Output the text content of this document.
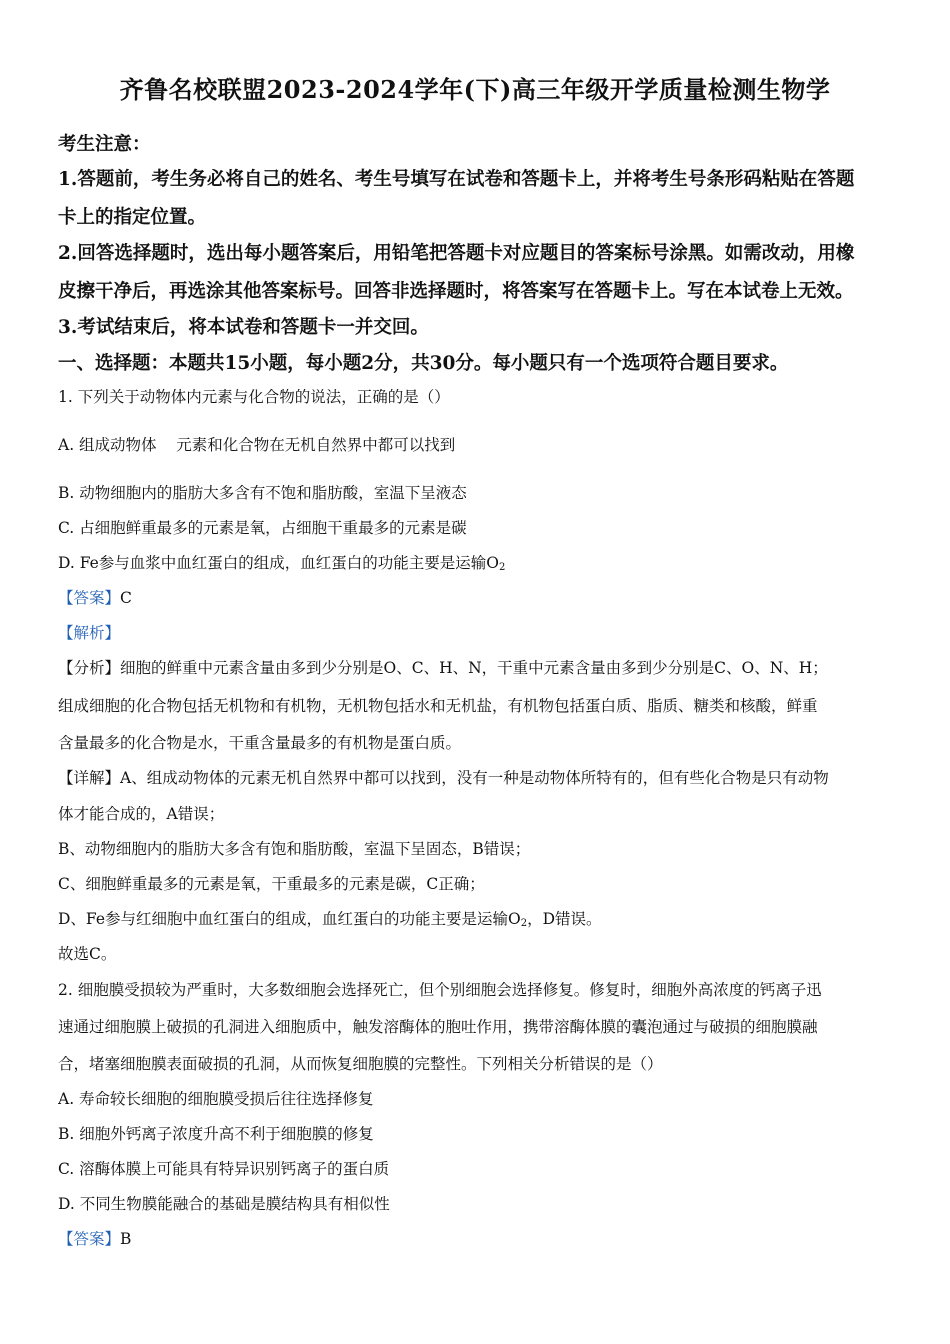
齐鲁名校联盟2023-2024学年(下)高三年级开学质量检测生物学
考生注意：
1.答题前，考生务必将自己的姓名、考生号填写在试卷和答题卡上，并将考生号条形码粘贴在答题
卡上的指定位置。
2.回答选择题时，选出每小题答案后，用铅笔把答题卡对应题目的答案标号涂黑。如需改动，用橡
皮擦干净后，再选涂其他答案标号。回答非选择题时，将答案写在答题卡上。写在本试卷上无效。
3.考试结束后，将本试卷和答题卡一并交回。
一、选择题：本题共15小题，每小题2分，共30分。每小题只有一个选项符合题目要求。
1. 下列关于动物体内元素与化合物的说法，正确的是（）
A. 组成动物体    元素和化合物在无机自然界中都可以找到
B. 动物细胞内的脂肪大多含有不饱和脂肪酸，室温下呈液态
C. 占细胞鲜重最多的元素是氧，占细胞干重最多的元素是碳
D. Fe参与血浆中血红蛋白的组成，血红蛋白的功能主要是运输$O_2$
【答案】C
【解析】
【分析】细胞的鲜重中元素含量由多到少分别是O、C、H、N，干重中元素含量由多到少分别是C、O、N、H；
组成细胞的化合物包括无机物和有机物，无机物包括水和无机盐，有机物包括蛋白质、脂质、糖类和核酸，鲜重
含量最多的化合物是水，干重含量最多的有机物是蛋白质。
【详解】A、组成动物体的元素无机自然界中都可以找到，没有一种是动物体所特有的，但有些化合物是只有动物
体才能合成的，A错误；
B、动物细胞内的脂肪大多含有饱和脂肪酸，室温下呈固态，B错误；
C、细胞鲜重最多的元素是氧，干重最多的元素是碳，C正确；
D、Fe参与红细胞中血红蛋白的组成，血红蛋白的功能主要是运输$O_2$，D错误。
故选C。
2. 细胞膜受损较为严重时，大多数细胞会选择死亡，但个别细胞会选择修复。修复时，细胞外高浓度的钙离子迅
速通过细胞膜上破损的孔洞进入细胞质中，触发溶酶体的胞吐作用，携带溶酶体膜的囊泡通过与破损的细胞膜融
合，堵塞细胞膜表面破损的孔洞，从而恢复细胞膜的完整性。下列相关分析错误的是（）
A. 寿命较长细胞的细胞膜受损后往往选择修复
B. 细胞外钙离子浓度升高不利于细胞膜的修复
C. 溶酶体膜上可能具有特异识别钙离子的蛋白质
D. 不同生物膜能融合的基础是膜结构具有相似性
【答案】B
